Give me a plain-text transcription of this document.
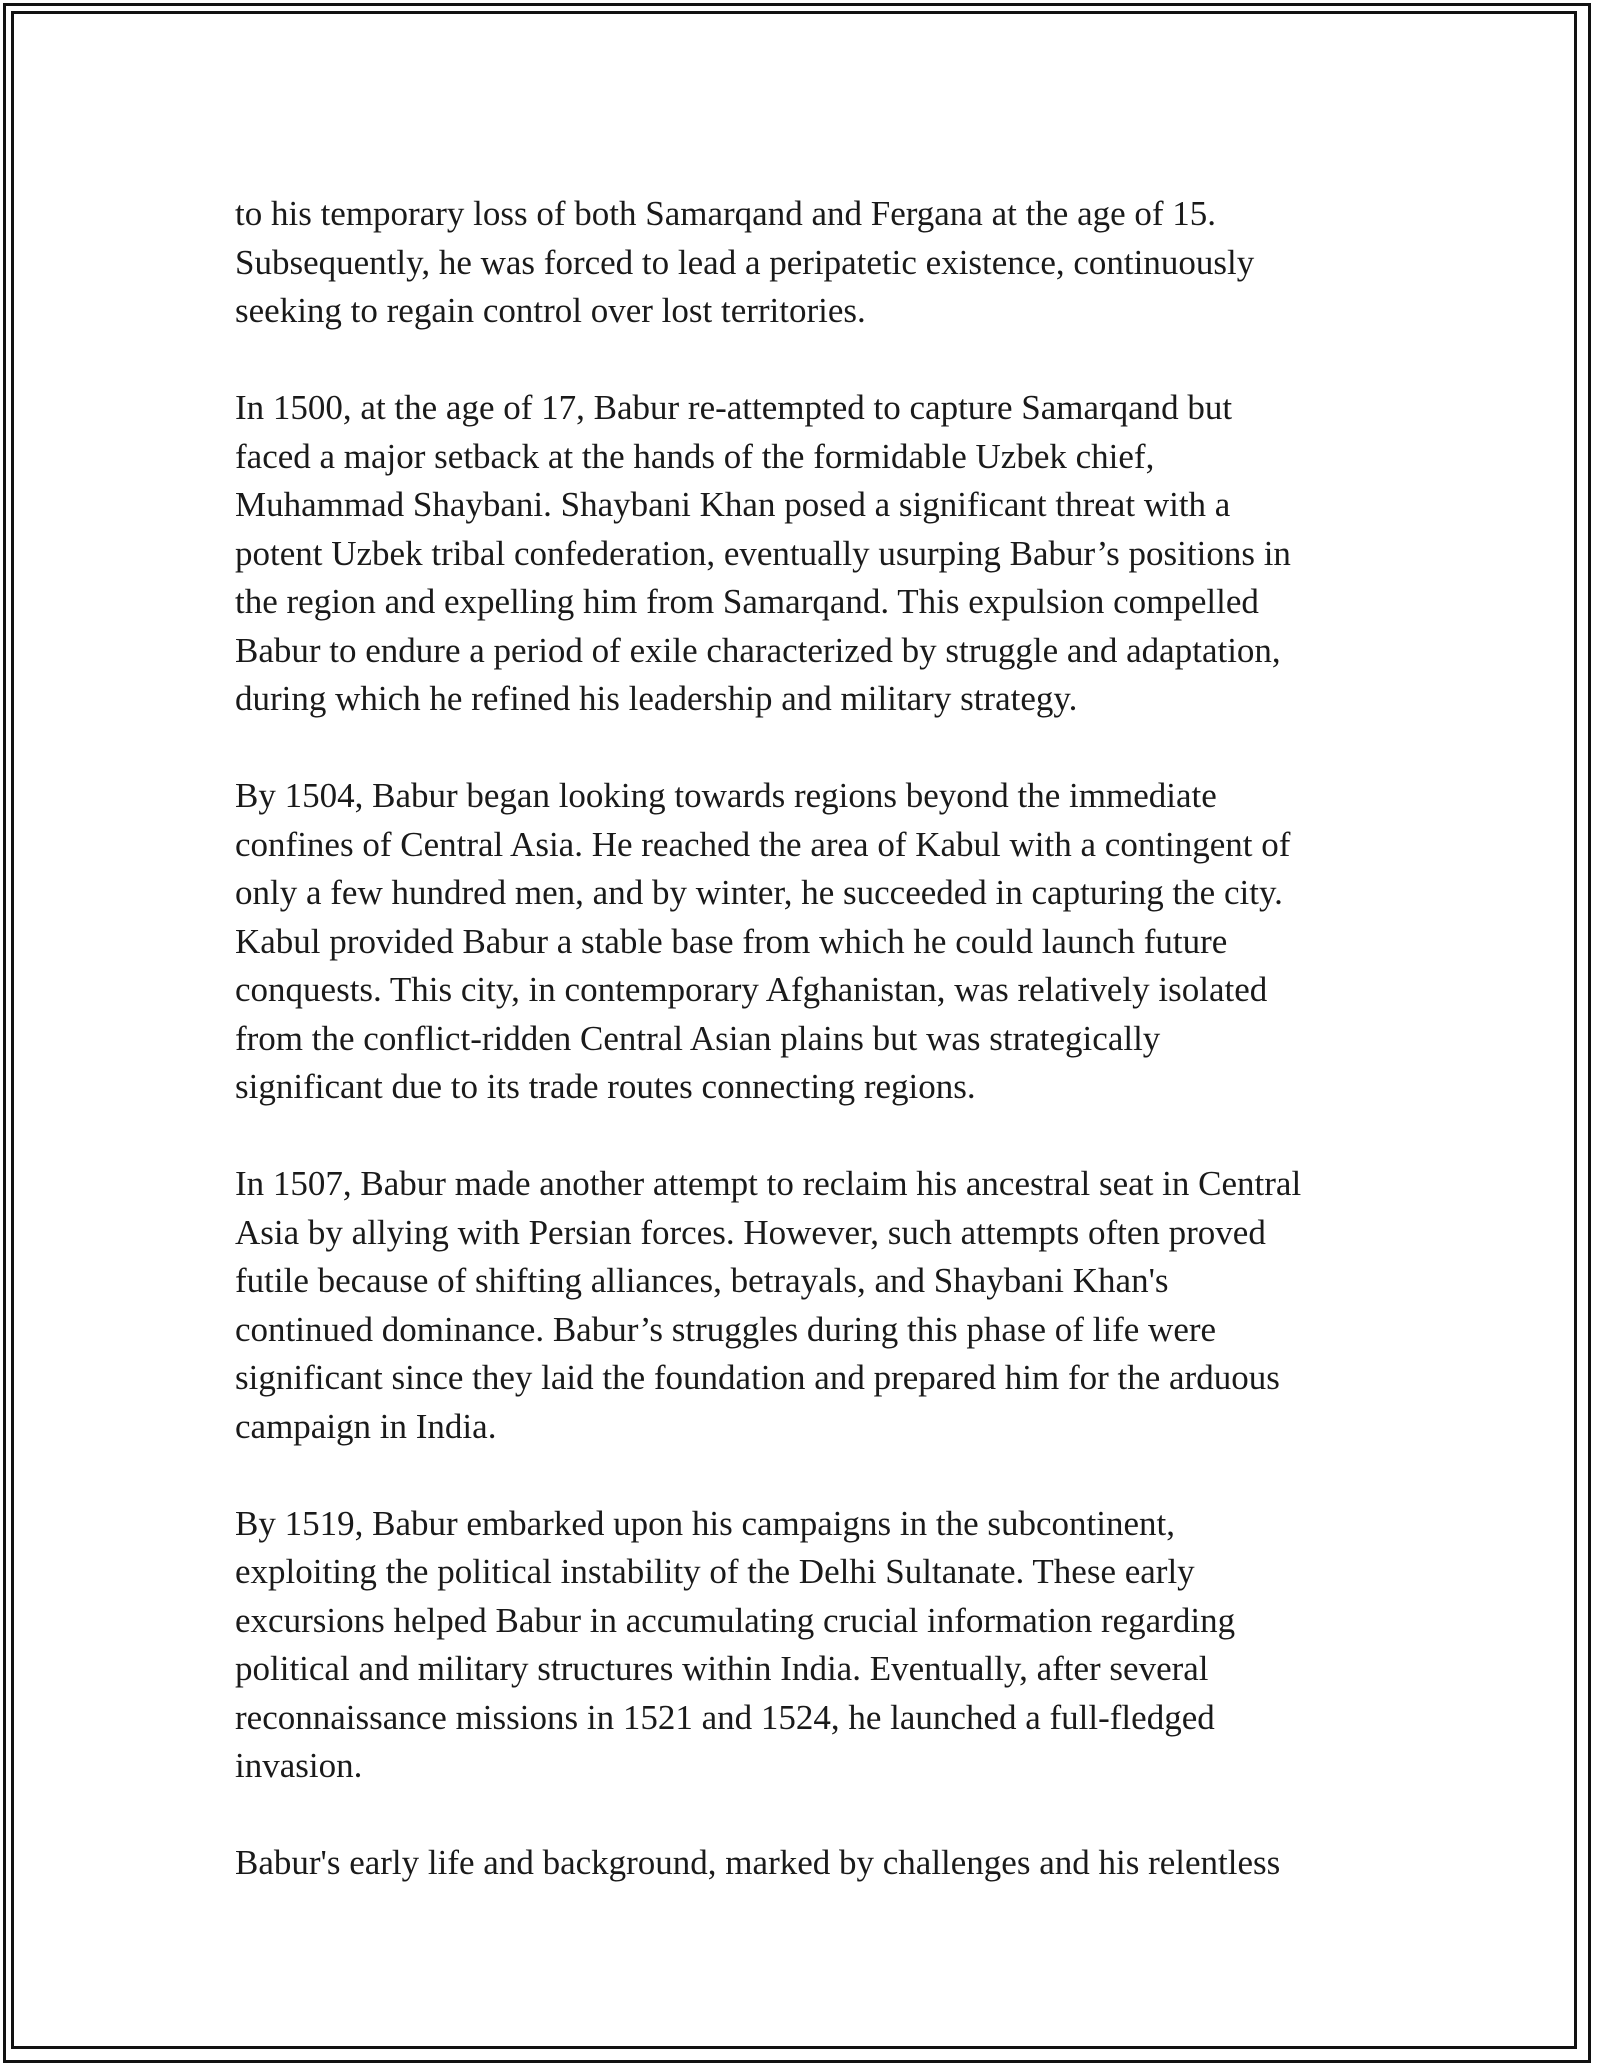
to his temporary loss of both Samarqand and Fergana at the age of 15.
Subsequently, he was forced to lead a peripatetic existence, continuously
seeking to regain control over lost territories.

In 1500, at the age of 17, Babur re-attempted to capture Samarqand but
faced a major setback at the hands of the formidable Uzbek chief,
Muhammad Shaybani. Shaybani Khan posed a significant threat with a
potent Uzbek tribal confederation, eventually usurping Babur’s positions in
the region and expelling him from Samarqand. This expulsion compelled
Babur to endure a period of exile characterized by struggle and adaptation,
during which he refined his leadership and military strategy.

By 1504, Babur began looking towards regions beyond the immediate
confines of Central Asia. He reached the area of Kabul with a contingent of
only a few hundred men, and by winter, he succeeded in capturing the city.
Kabul provided Babur a stable base from which he could launch future
conquests. This city, in contemporary Afghanistan, was relatively isolated
from the conflict-ridden Central Asian plains but was strategically
significant due to its trade routes connecting regions.

In 1507, Babur made another attempt to reclaim his ancestral seat in Central
Asia by allying with Persian forces. However, such attempts often proved
futile because of shifting alliances, betrayals, and Shaybani Khan's
continued dominance. Babur’s struggles during this phase of life were
significant since they laid the foundation and prepared him for the arduous
campaign in India.

By 1519, Babur embarked upon his campaigns in the subcontinent,
exploiting the political instability of the Delhi Sultanate. These early
excursions helped Babur in accumulating crucial information regarding
political and military structures within India. Eventually, after several
reconnaissance missions in 1521 and 1524, he launched a full-fledged
invasion.

Babur's early life and background, marked by challenges and his relentless
